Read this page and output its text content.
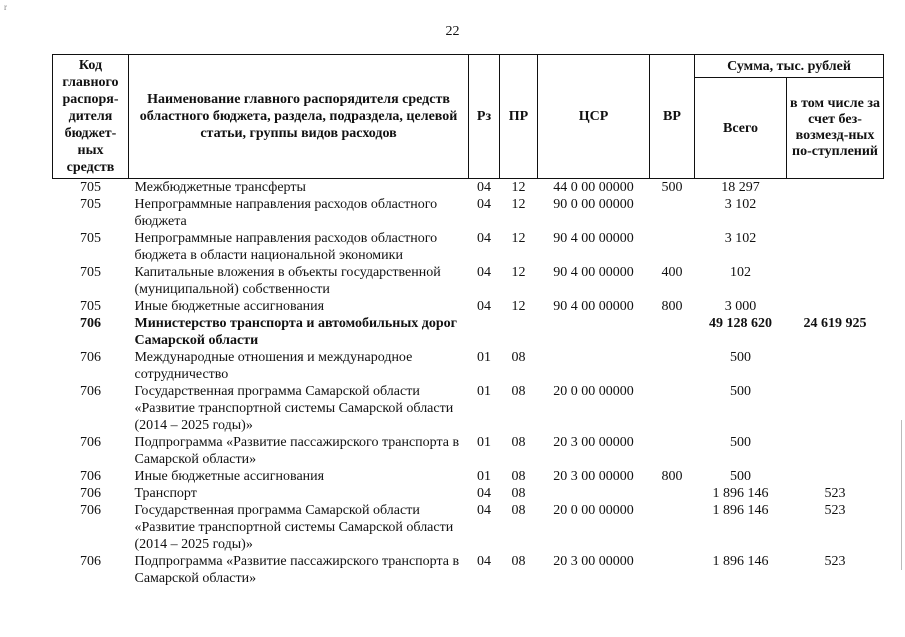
r
22
Код главного распоря-дителя бюджет-ных средств	Наименование главного распорядителя средств областного бюджета, раздела, подраздела, целевой статьи, группы видов расходов	Рз	ПР	ЦСР	ВР	Сумма, тыс. рублей	
						Всего	в том числе за счет без-возмезд-ных по-ступлений
705	Межбюджетные трансферты	04	12	44 0 00 00000	500	18 297	
705	Непрограммные направления расходов областного бюджета	04	12	90 0 00 00000		3 102	
705	Непрограммные направления расходов областного бюджета в области национальной экономики	04	12	90 4 00 00000		3 102	
705	Капитальные вложения в объекты государственной (муниципальной) собственности	04	12	90 4 00 00000	400	102	
705	Иные бюджетные ассигнования	04	12	90 4 00 00000	800	3 000	
706	Министерство транспорта и автомобильных дорог Самарской области					49 128 620	24 619 925
706	Международные отношения и международное сотрудничество	01	08			500	
706	Государственная программа Самарской области «Развитие транспортной системы Самарской области (2014 – 2025 годы)»	01	08	20 0 00 00000		500	
706	Подпрограмма «Развитие пассажирского транспорта в Самарской области»	01	08	20 3 00 00000		500	
706	Иные бюджетные ассигнования	01	08	20 3 00 00000	800	500	
706	Транспорт	04	08			1 896 146	523
706	Государственная программа Самарской области «Развитие транспортной системы Самарской области (2014 – 2025 годы)»	04	08	20 0 00 00000		1 896 146	523
706	Подпрограмма «Развитие пассажирского транспорта в Самарской области»	04	08	20 3 00 00000		1 896 146	523
